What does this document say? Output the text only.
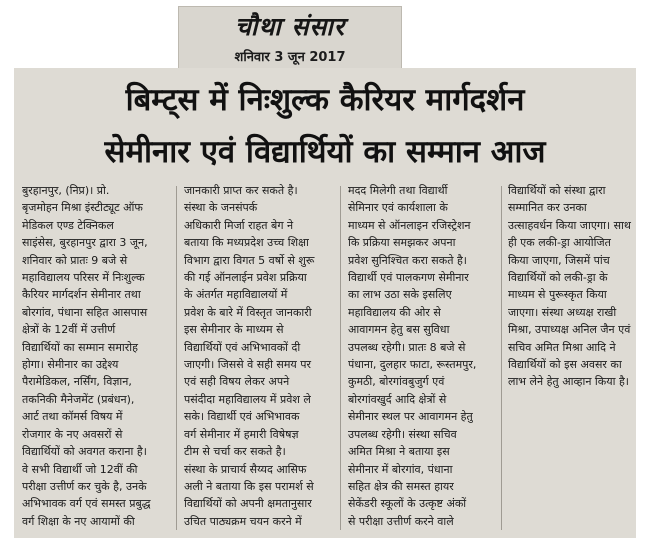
चौथा संसार
शनिवार 3 जून 2017
बिम्ट्स में निःशुल्क कैरियर मार्गदर्शन
सेमीनार एवं विद्यार्थियों का सम्मान आज
बुरहानपुर, (निप्र)। प्रो.
बृजमोहन मिश्रा इंस्टीट्यूट ऑफ
मेडिकल एण्ड टेक्निकल
साइंसेस, बुरहानपुर द्वारा 3 जून,
शनिवार को प्रातः 9 बजे से
महाविद्यालय परिसर में निःशुल्क
कैरियर मार्गदर्शन सेमीनार तथा
बोरगांव, पंधाना सहित आसपास
क्षेत्रों के 12वीं में उत्तीर्ण
विद्यार्थियों का सम्मान समारोह
होगा। सेमीनार का उद्देश्य
पैरामेडिकल, नर्सिंग, विज्ञान,
तकनिकी मैनेजमेंट (प्रबंधन),
आर्ट तथा कॉमर्स विषय में
रोजगार के नए अवसरों से
विद्यार्थियों को अवगत कराना है।
वे सभी विद्यार्थी जो 12वीं की
परीक्षा उत्तीर्ण कर चुके है, उनके
अभिभावक वर्ग एवं समस्त प्रबुद्ध
वर्ग शिक्षा के नए आयामों की
जानकारी प्राप्त कर सकते है।
संस्था के जनसंपर्क
अधिकारी मिर्जा राहत बेग ने
बताया कि मध्यप्रदेश उच्च शिक्षा
विभाग द्वारा विगत 5 वर्षो से शुरू
की गई ऑनलाईन प्रवेश प्रक्रिया
के अंतर्गत महाविद्यालयों में
प्रवेश के बारे में विस्तृत जानकारी
इस सेमीनार के माध्यम से
विद्यार्थियों एवं अभिभावकों दी
जाएगी। जिससे वे सही समय पर
एवं सही विषय लेकर अपने
पसंदीदा महाविद्यालय में प्रवेश ले
सके। विद्यार्थी एवं अभिभावक
वर्ग सेमीनार में हमारी विषेषज्ञ
टीम से चर्चा कर सकते है।
संस्था के प्राचार्य सैय्यद आसिफ
अली ने बताया कि इस परामर्श से
विद्यार्थियों को अपनी क्षमतानुसार
उचित पाठ्यक्रम चयन करने में
मदद मिलेगी तथा विद्यार्थी
सेमिनार एवं कार्यशाला के
माध्यम से ऑनलाइन रजिस्ट्रेशन
कि प्रक्रिया समझकर अपना
प्रवेश सुनिश्चित करा सकते है।
विद्यार्थी एवं पालकगण सेमीनार
का लाभ उठा सके इसलिए
महाविद्यालय की ओर से
आवागमन हेतु बस सुविधा
उपलब्ध रहेगी। प्रातः 8 बजे से
पंधाना, दुलहार फाटा, रूस्तमपुर,
कुमठी, बोरगांवबुजुर्ग एवं
बोरगांवखुर्द आदि क्षेत्रों से
सेमीनार स्थल पर आवागमन हेतु
उपलब्ध रहेगी। संस्था सचिव
अमित मिश्रा ने बताया इस
सेमीनार में बोरगांव, पंधाना
सहित क्षेत्र की समस्त हायर
सेकेंडरी स्कूलों के उत्कृष्ट अंकों
से परीक्षा उत्तीर्ण करने वाले
विद्यार्थियों को संस्था द्वारा
सम्मानित कर उनका
उत्साहवर्धन किया जाएगा। साथ
ही एक लकी-ड्रा आयोजित
किया जाएगा, जिसमें पांच
विद्यार्थियों को लकी-ड्रा के
माध्यम से पुरूस्कृत किया
जाएगा। संस्था अध्यक्ष राखी
मिश्रा, उपाध्यक्ष अनिल जैन एवं
सचिव अमित मिश्रा आदि ने
विद्यार्थियों को इस अवसर का
लाभ लेने हेतु आव्हान किया है।
